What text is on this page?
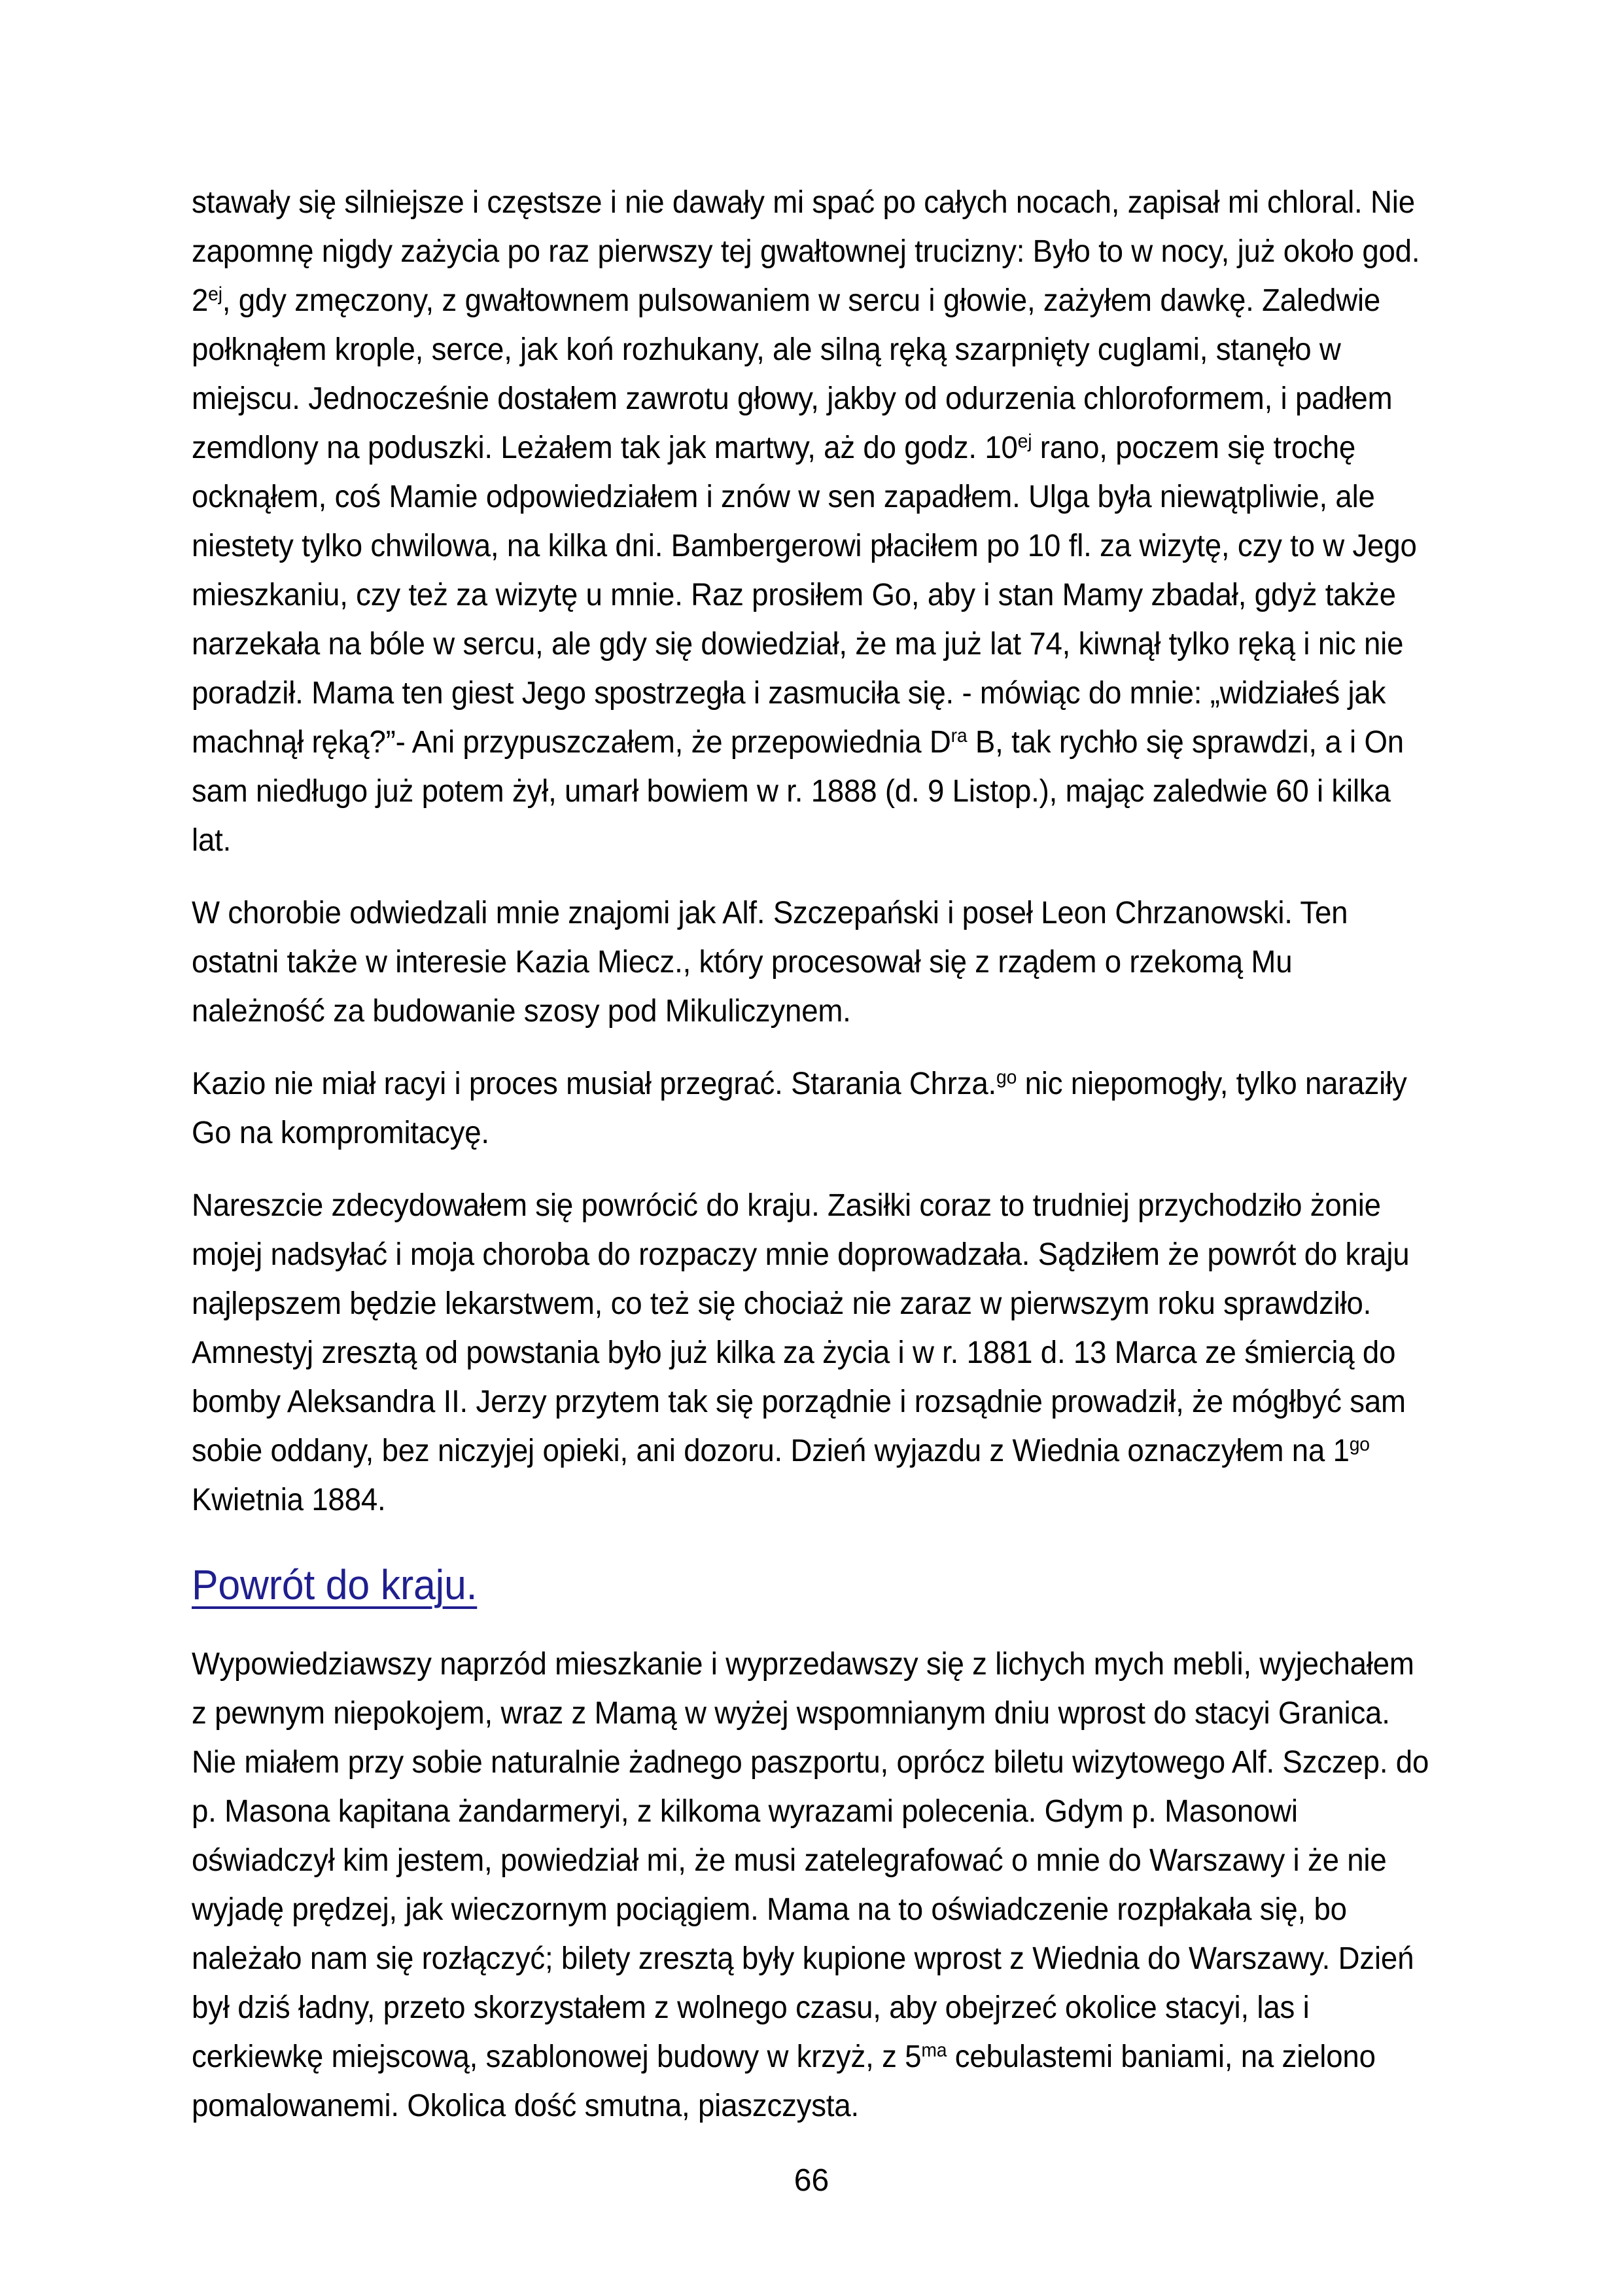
stawały się silniejsze i częstsze i nie dawały mi spać po całych nocach, zapisał mi chloral. Nie zapomnę nigdy zażycia po raz pierwszy tej gwałtownej trucizny: Było to w nocy, już około god. $2^{ej}$, gdy zmęczony, z gwałtownem pulsowaniem w sercu i głowie, zażyłem dawkę. Zaledwie połknąłem krople, serce, jak koń rozhukany, ale silną ręką szarpnięty cuglami, stanęło w miejscu. Jednocześnie dostałem zawrotu głowy, jakby od odurzenia chloroformem, i padłem zemdlony na poduszki. Leżałem tak jak martwy, aż do godz. $10^{ej}$ rano, poczem się trochę ocknąłem, coś Mamie odpowiedziałem i znów w sen zapadłem. Ulga była niewątpliwie, ale niestety tylko chwilowa, na kilka dni. Bambergerowi płaciłem po 10 fl. za wizytę, czy to w Jego mieszkaniu, czy też za wizytę u mnie. Raz prosiłem Go, aby i stan Mamy zbadał, gdyż także narzekała na bóle w sercu, ale gdy się dowiedział, że ma już lat 74, kiwnął tylko ręką i nic nie poradził. Mama ten giest Jego spostrzegła i zasmuciła się. - mówiąc do mnie: „widziałeś jak machnął ręką?”- Ani przypuszczałem, że przepowiednia $D^{ra}$ B, tak rychło się sprawdzi, a i On sam niedługo już potem żył, umarł bowiem w r. 1888 (d. 9 Listop.), mając zaledwie 60 i kilka lat.

W chorobie odwiedzali mnie znajomi jak Alf. Szczepański i poseł Leon Chrzanowski. Ten ostatni także w interesie Kazia Miecz., który procesował się z rządem o rzekomą Mu należność za budowanie szosy pod Mikuliczynem.

Kazio nie miał racyi i proces musiał przegrać. Starania Chrza.$^{go}$ nic niepomogły, tylko naraziły Go na kompromitacyę.

Nareszcie zdecydowałem się powrócić do kraju. Zasiłki coraz to trudniej przychodziło żonie mojej nadsyłać i moja choroba do rozpaczy mnie doprowadzała. Sądziłem że powrót do kraju najlepszem będzie lekarstwem, co też się chociaż nie zaraz w pierwszym roku sprawdziło. Amnestyj zresztą od powstania było już kilka za życia i w r. 1881 d. 13 Marca ze śmiercią do bomby Aleksandra II. Jerzy przytem tak się porządnie i rozsądnie prowadził, że mógłbyć sam sobie oddany, bez niczyjej opieki, ani dozoru. Dzień wyjazdu z Wiednia oznaczyłem na $1^{go}$ Kwietnia 1884.

Powrót do kraju.

Wypowiedziawszy naprzód mieszkanie i wyprzedawszy się z lichych mych mebli, wyjechałem z pewnym niepokojem, wraz z Mamą w wyżej wspomnianym dniu wprost do stacyi Granica. Nie miałem przy sobie naturalnie żadnego paszportu, oprócz biletu wizytowego Alf. Szczep. do p. Masona kapitana żandarmeryi, z kilkoma wyrazami polecenia. Gdym p. Masonowi oświadczył kim jestem, powiedział mi, że musi zatelegrafować o mnie do Warszawy i że nie wyjadę prędzej, jak wieczornym pociągiem. Mama na to oświadczenie rozpłakała się, bo należało nam się rozłączyć; bilety zresztą były kupione wprost z Wiednia do Warszawy. Dzień był dziś ładny, przeto skorzystałem z wolnego czasu, aby obejrzeć okolice stacyi, las i cerkiewkę miejscową, szablonowej budowy w krzyż, z $5^{ma}$ cebulastemi baniami, na zielono pomalowanemi. Okolica dość smutna, piaszczysta.

66
